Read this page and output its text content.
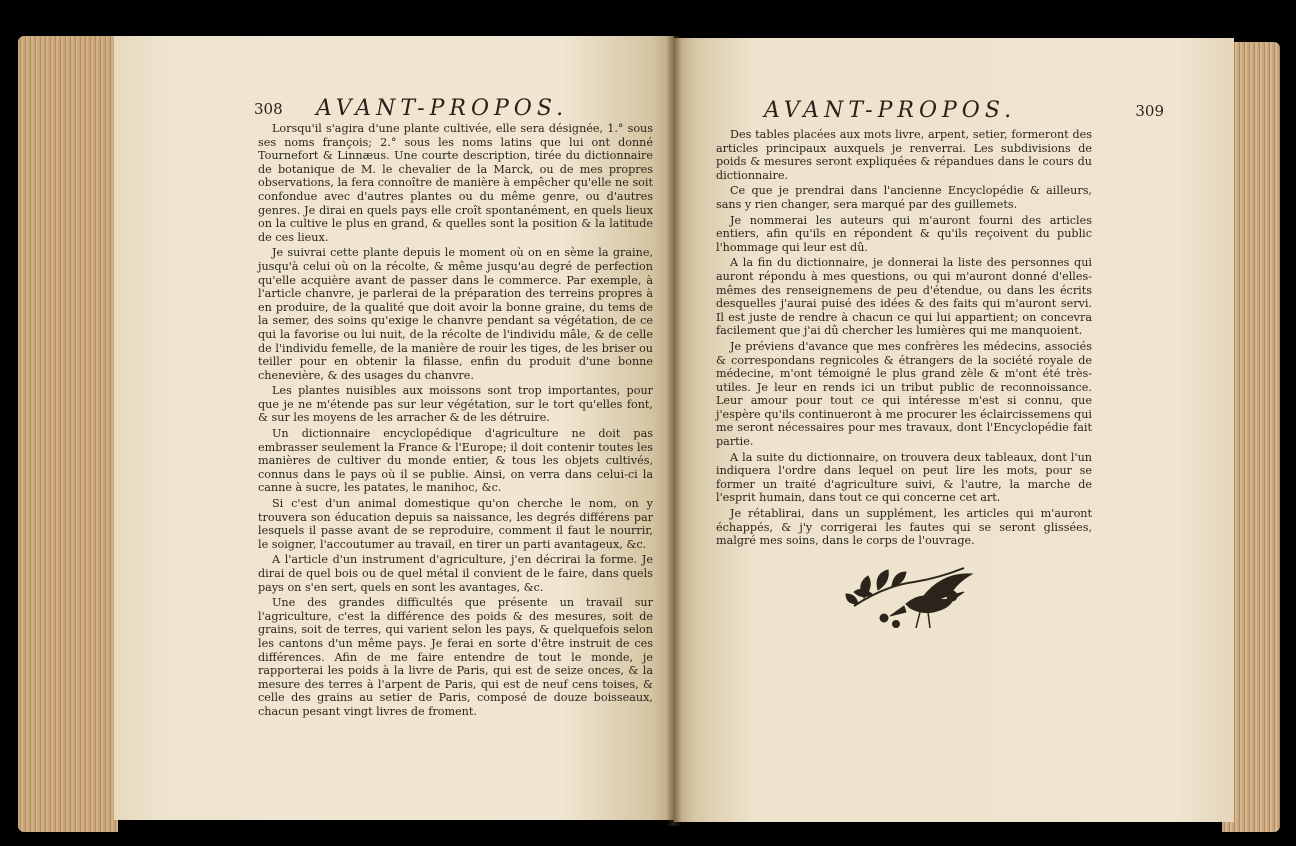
308 AVANT-PROPOS.

Lorsqu'il s'agira d'une plante cultivée, elle sera désignée, 1.° sous ses noms françois; 2.° sous les noms latins que lui ont donné Tournefort & Linnæus. Une courte description, tirée du dictionnaire de botanique de M. le chevalier de la Marck, ou de mes propres observations, la fera connoître de manière à empêcher qu'elle ne soit confondue avec d'autres plantes ou du même genre, ou d'autres genres. Je dirai en quels pays elle croît spontanément, en quels lieux on la cultive le plus en grand, & quelles sont la position & la latitude de ces lieux.

Je suivrai cette plante depuis le moment où on en sème la graine, jusqu'à celui où on la récolte, & même jusqu'au degré de perfection qu'elle acquière avant de passer dans le commerce. Par exemple, à l'article chanvre, je parlerai de la préparation des terreins propres à en produire, de la qualité que doit avoir la bonne graine, du tems de la semer, des soins qu'exige le chanvre pendant sa végétation, de ce qui la favorise ou lui nuit, de la récolte de l'individu mâle, & de celle de l'individu femelle, de la manière de rouir les tiges, de les briser ou teiller pour en obtenir la filasse, enfin du produit d'une bonne chenevière, & des usages du chanvre.

Les plantes nuisibles aux moissons sont trop importantes, pour que je ne m'étende pas sur leur végétation, sur le tort qu'elles font, & sur les moyens de les arracher & de les détruire.

Un dictionnaire encyclopédique d'agriculture ne doit pas embrasser seulement la France & l'Europe; il doit contenir toutes les manières de cultiver du monde entier, & tous les objets cultivés, connus dans le pays où il se publie. Ainsi, on verra dans celui-ci la canne à sucre, les patates, le manihoc, &c.

Si c'est d'un animal domestique qu'on cherche le nom, on y trouvera son éducation depuis sa naissance, les degrés différens par lesquels il passe avant de se reproduire, comment il faut le nourrir, le soigner, l'accoutumer au travail, en tirer un parti avantageux, &c.

A l'article d'un instrument d'agriculture, j'en décrirai la forme. Je dirai de quel bois ou de quel métal il convient de le faire, dans quels pays on s'en sert, quels en sont les avantages, &c.

Une des grandes difficultés que présente un travail sur l'agriculture, c'est la différence des poids & des mesures, soit de grains, soit de terres, qui varient selon les pays, & quelquefois selon les cantons d'un même pays. Je ferai en sorte d'être instruit de ces différences. Afin de me faire entendre de tout le monde, je rapporterai les poids à la livre de Paris, qui est de seize onces, & la mesure des terres à l'arpent de Paris, qui est de neuf cens toises, & celle des grains au setier de Paris, composé de douze boisseaux, chacun pesant vingt livres de froment.

AVANT-PROPOS.	309

Des tables placées aux mots livre, arpent, setier, formeront des articles principaux auxquels je renverrai. Les subdivisions de poids & mesures seront expliquées & répandues dans le cours du dictionnaire.

Ce que je prendrai dans l'ancienne Encyclopédie & ailleurs, sans y rien changer, sera marqué par des guillemets.

Je nommerai les auteurs qui m'auront fourni des articles entiers, afin qu'ils en répondent & qu'ils reçoivent du public l'hommage qui leur est dû.

A la fin du dictionnaire, je donnerai la liste des personnes qui auront répondu à mes questions, ou qui m'auront donné d'elles-mêmes des renseignemens de peu d'étendue, ou dans les écrits desquelles j'aurai puisé des idées & des faits qui m'auront servi. Il est juste de rendre à chacun ce qui lui appartient; on concevra facilement que j'ai dû chercher les lumières qui me manquoient.

Je préviens d'avance que mes confrères les médecins, associés & correspondans regnicoles & étrangers de la société royale de médecine, m'ont témoigné le plus grand zèle & m'ont été très-utiles. Je leur en rends ici un tribut public de reconnoissance. Leur amour pour tout ce qui intéresse m'est si connu, que j'espère qu'ils continueront à me procurer les éclaircissemens qui me seront nécessaires pour mes travaux, dont l'Encyclopédie fait partie.

A la suite du dictionnaire, on trouvera deux tableaux, dont l'un indiquera l'ordre dans lequel on peut lire les mots, pour se former un traité d'agriculture suivi, & l'autre, la marche de l'esprit humain, dans tout ce qui concerne cet art.

Je rétablirai, dans un supplément, les articles qui m'auront échappés, & j'y corrigerai les fautes qui se seront glissées, malgré mes soins, dans le corps de l'ouvrage.
